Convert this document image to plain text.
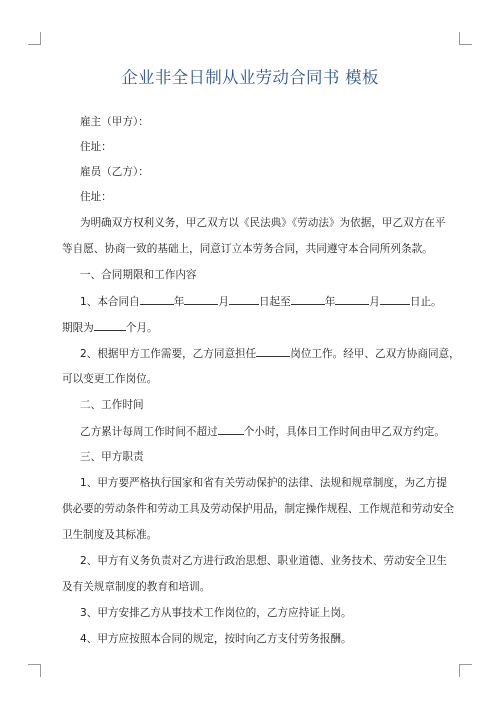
企业非全日制从业劳动合同书 模板
雇主（甲方）：
住址：
雇员（乙方）：
住址：
为明确双方权利义务，甲乙双方以《民法典》《劳动法》为依据，甲乙双方在平
等自愿、协商一致的基础上，同意订立本劳务合同，共同遵守本合同所列条款。
一、合同期限和工作内容
1、本合同自	年	月	日起至	年	月	日止。
期限为	个月。
2、根据甲方工作需要，乙方同意担任	岗位工作。经甲、乙双方协商同意，
可以变更工作岗位。
二、工作时间
乙方累计每周工作时间不超过 个小时，具体日工作时间由甲乙双方约定。
三、甲方职责
1、甲方要严格执行国家和省有关劳动保护的法律、法规和规章制度，为乙方提
供必要的劳动条件和劳动工具及劳动保护用品，制定操作规程、工作规范和劳动安全
卫生制度及其标准。
2、甲方有义务负责对乙方进行政治思想、职业道德、业务技术、劳动安全卫生
及有关规章制度的教育和培训。
3、甲方安排乙方从事技术工作岗位的，乙方应持证上岗。
4、甲方应按照本合同的规定，按时向乙方支付劳务报酬。
